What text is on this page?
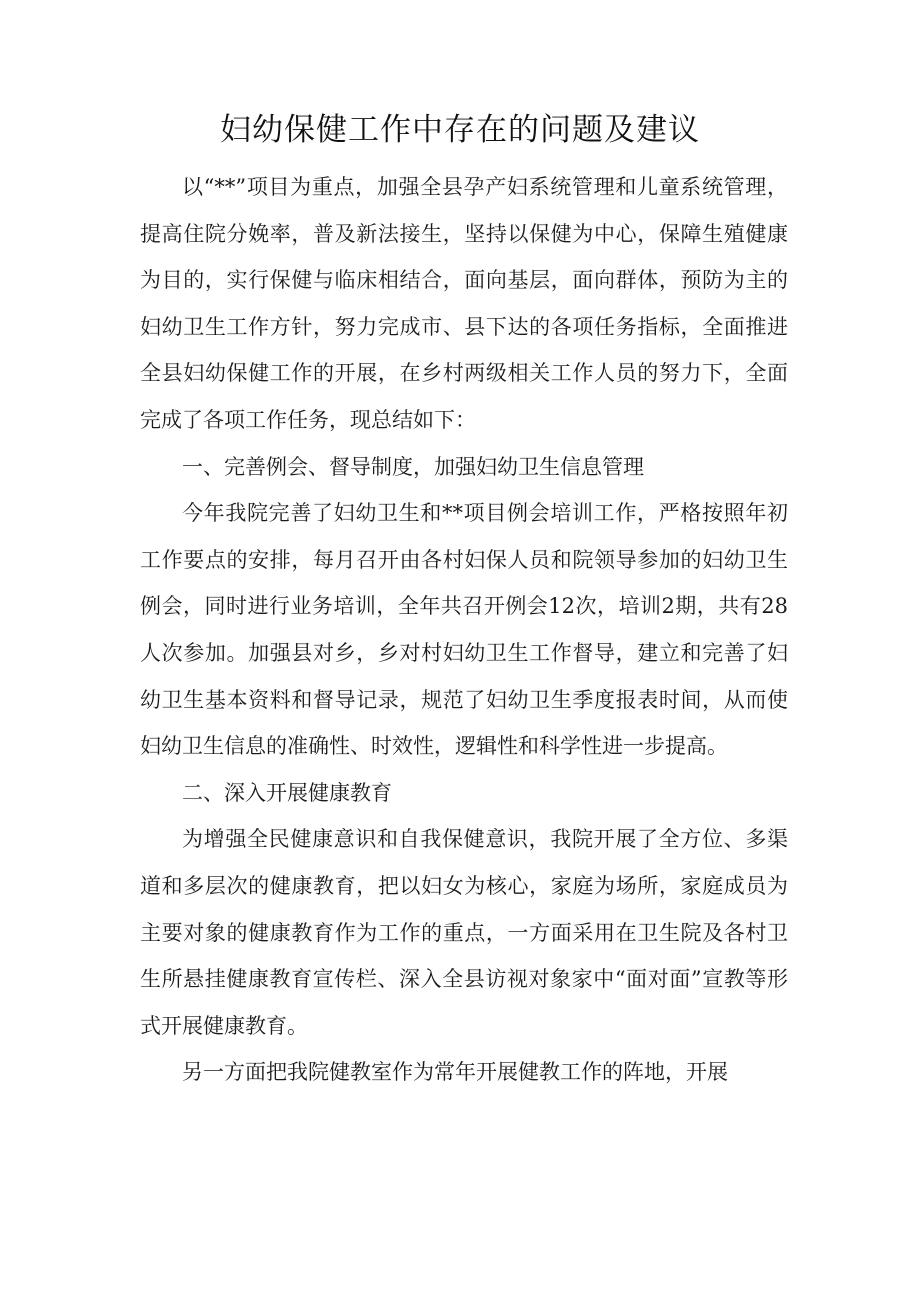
妇幼保健工作中存在的问题及建议

以“**”项目为重点，加强全县孕产妇系统管理和儿童系统管理，提高住院分娩率，普及新法接生，坚持以保健为中心，保障生殖健康为目的，实行保健与临床相结合，面向基层，面向群体，预防为主的妇幼卫生工作方针，努力完成市、县下达的各项任务指标，全面推进全县妇幼保健工作的开展，在乡村两级相关工作人员的努力下，全面完成了各项工作任务，现总结如下：

一、完善例会、督导制度，加强妇幼卫生信息管理

今年我院完善了妇幼卫生和**项目例会培训工作，严格按照年初工作要点的安排，每月召开由各村妇保人员和院领导参加的妇幼卫生例会，同时进行业务培训，全年共召开例会12次，培训2期，共有28人次参加。加强县对乡，乡对村妇幼卫生工作督导，建立和完善了妇幼卫生基本资料和督导记录，规范了妇幼卫生季度报表时间，从而使妇幼卫生信息的准确性、时效性，逻辑性和科学性进一步提高。

二、深入开展健康教育

为增强全民健康意识和自我保健意识，我院开展了全方位、多渠道和多层次的健康教育，把以妇女为核心，家庭为场所，家庭成员为主要对象的健康教育作为工作的重点，一方面采用在卫生院及各村卫生所悬挂健康教育宣传栏、深入全县访视对象家中“面对面”宣教等形式开展健康教育。

另一方面把我院健教室作为常年开展健教工作的阵地，开展
